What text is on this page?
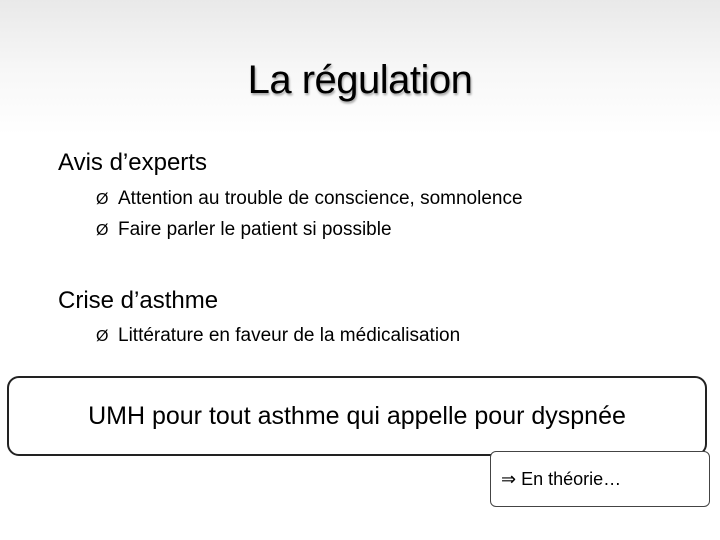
La régulation
Avis d’experts
Ø Attention au trouble de conscience, somnolence
Ø Faire parler le patient si possible
Crise d’asthme
Ø Littérature en faveur de la médicalisation
UMH pour tout asthme qui appelle pour dyspnée
⇒ En théorie…
